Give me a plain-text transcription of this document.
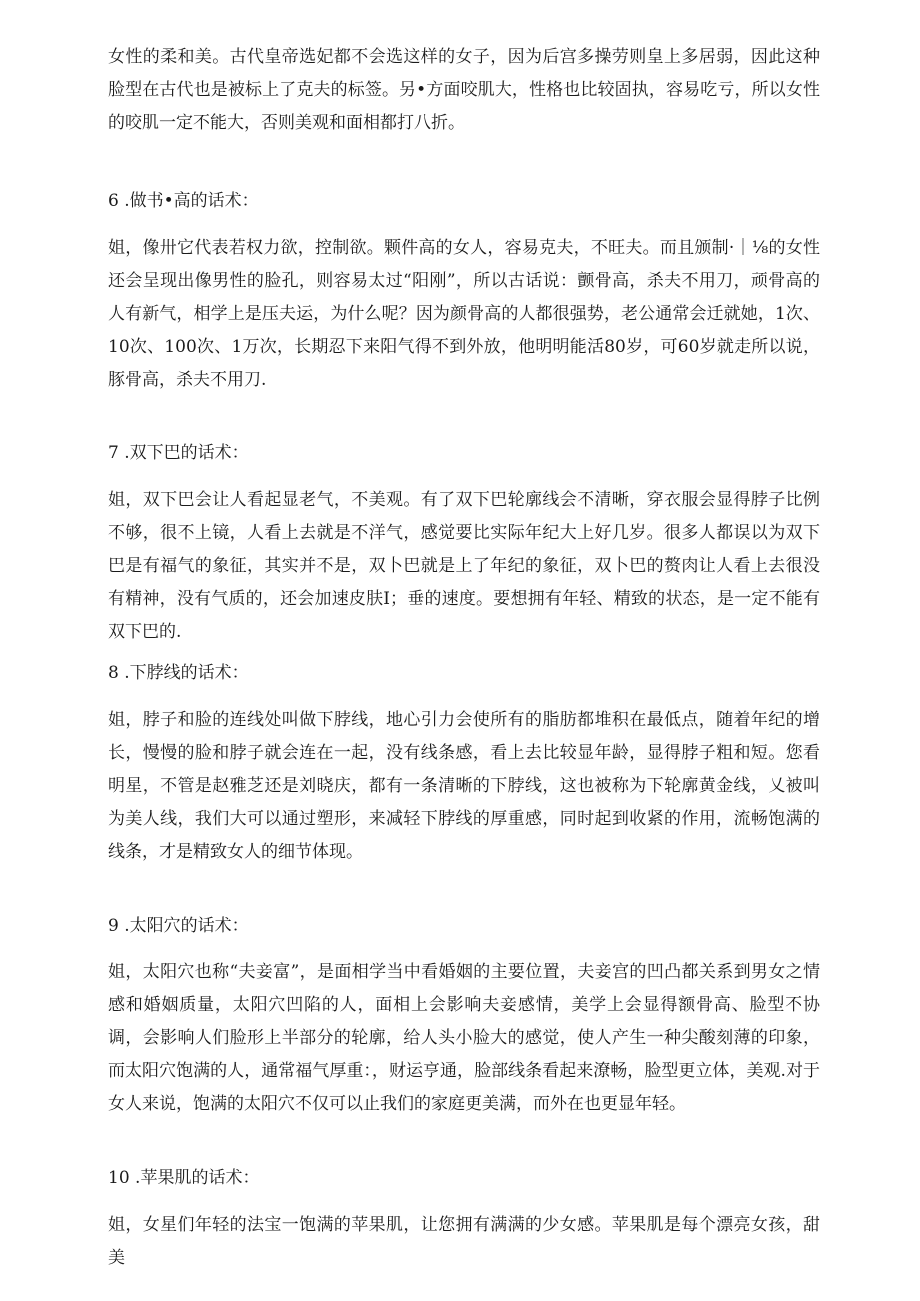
女性的柔和美。古代皇帝选妃都不会选这样的女子，因为后宫多操劳则皇上多居弱，因此这种脸型在古代也是被标上了克夫的标签。另•方面咬肌大，性格也比较固执，容易吃亏，所以女性的咬肌一定不能大，否则美观和面相都打八折。
6 .做书•高的话术：
姐，像卅它代表若权力欲，控制欲。颗件高的女人，容易克夫，不旺夫。而且颁制·｜⅛的女性还会呈现出像男性的脸孔，则容易太过“阳刚”，所以古话说：颤骨高，杀夫不用刀，顽骨高的人有新气，相学上是压夫运，为什么呢？因为颜骨高的人都很强势，老公通常会迁就她，1次、10次、100次、1万次，长期忍下来阳气得不到外放，他明明能活80岁，可60岁就走所以说，豚骨高，杀夫不用刀.
7 .双下巴的话术：
姐，双下巴会让人看起显老气，不美观。有了双下巴轮廓线会不清晰，穿衣服会显得脖子比例不够，很不上镜，人看上去就是不洋气，感觉要比实际年纪大上好几岁。很多人都误以为双下巴是有福气的象征，其实并不是，双卜巴就是上了年纪的象征，双卜巴的赘肉让人看上去很没有精神，没有气质的，还会加速皮肤I；垂的速度。要想拥有年轻、精致的状态，是一定不能有双下巴的.
8 .下脖线的话术：
姐，脖子和脸的连线处叫做下脖线，地心引力会使所有的脂肪都堆积在最低点，随着年纪的增长，慢慢的脸和脖子就会连在一起，没有线条感，看上去比较显年龄，显得脖子粗和短。您看明星，不管是赵雅芝还是刘晓庆，都有一条清晰的下脖线，这也被称为下轮廓黄金线，乂被叫为美人线，我们大可以通过塑形，来减轻下脖线的厚重感，同时起到收紧的作用，流畅饱满的线条，才是精致女人的细节体现。
9 .太阳穴的话术：
姐，太阳穴也称“夫妾富”，是面相学当中看婚姻的主要位置，夫妾宫的凹凸都关系到男女之情感和婚姻质量，太阳穴凹陷的人，面相上会影响夫妾感情，美学上会显得额骨高、脸型不协调，会影响人们脸形上半部分的轮廓，给人头小脸大的感觉，使人产生一种尖酸刻薄的印象，而太阳穴饱满的人，通常福气厚重：，财运亨通，脸部线条看起来潦畅，脸型更立体，美观.对于女人来说，饱满的太阳穴不仅可以止我们的家庭更美满，而外在也更显年轻。
10 .苹果肌的话术：
姐，女星们年轻的法宝一饱满的苹果肌，让您拥有满满的少女感。苹果肌是每个漂亮女孩，甜美
